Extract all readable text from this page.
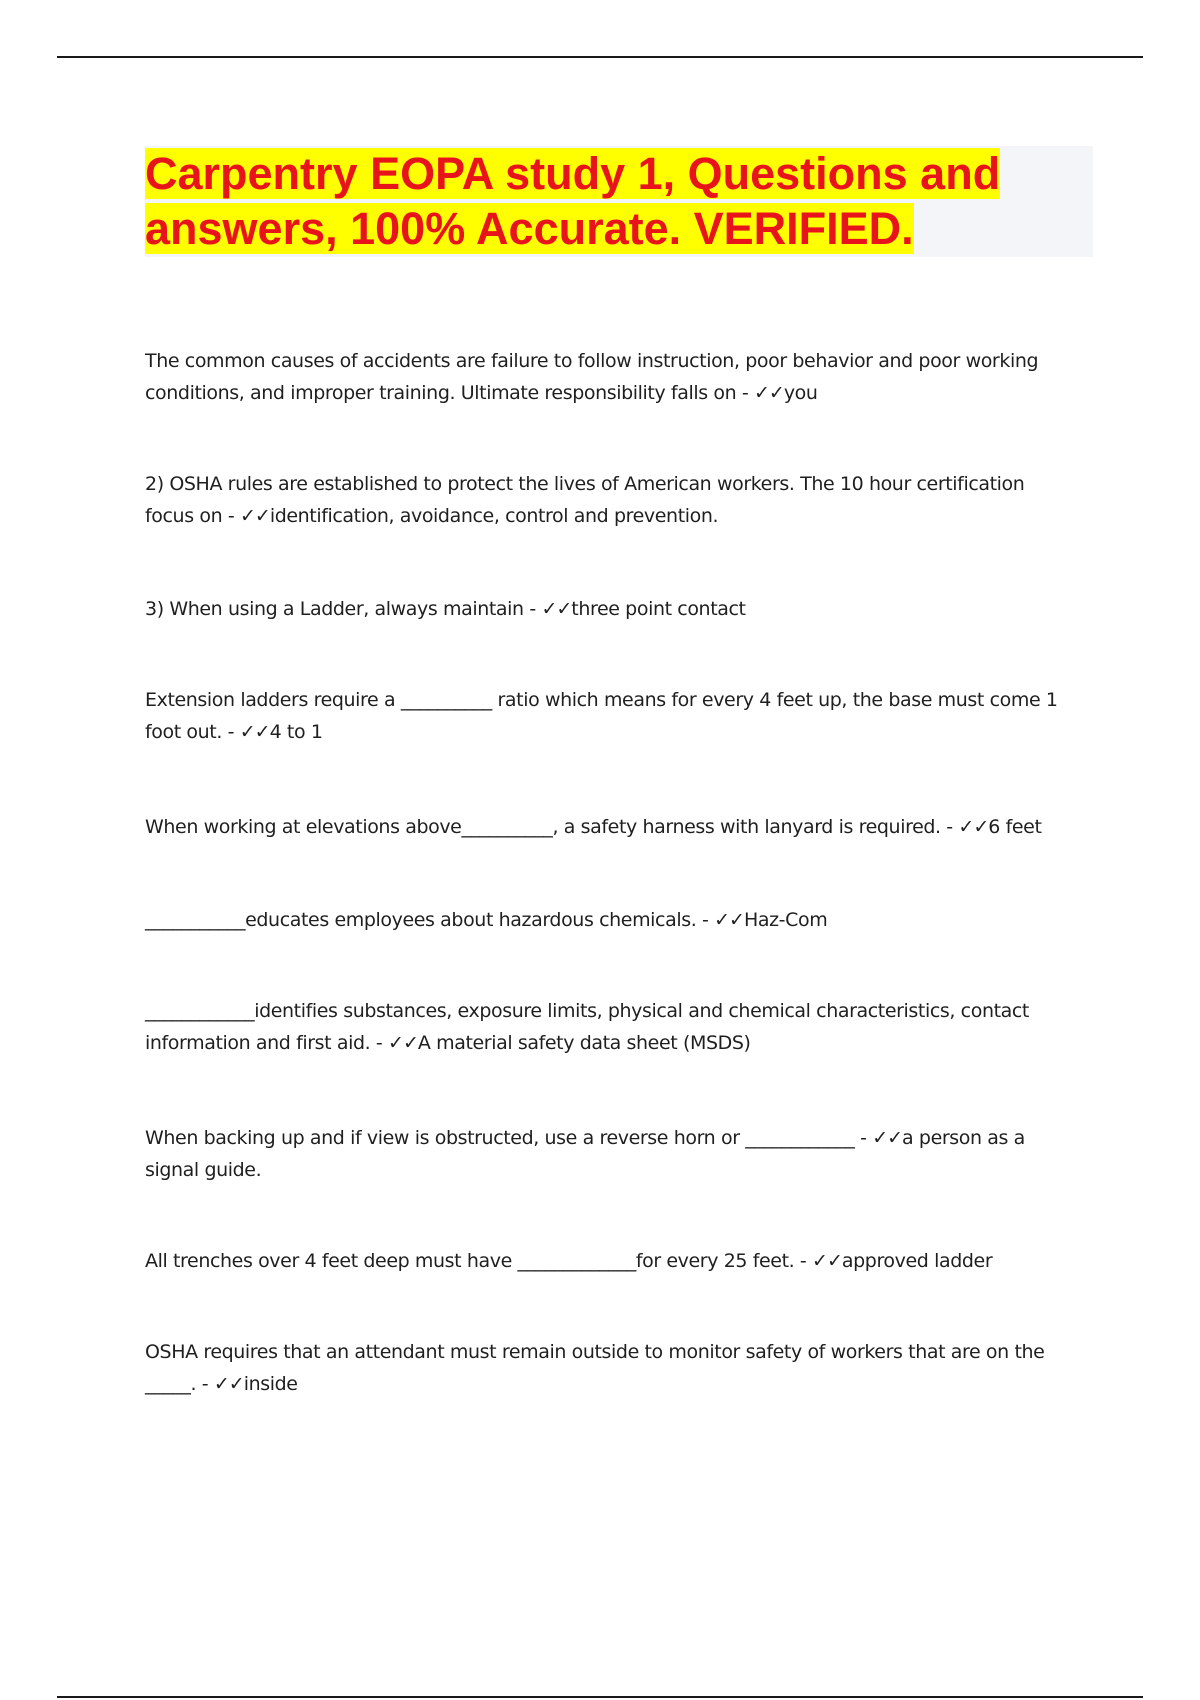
Carpentry EOPA study 1, Questions and answers, 100% Accurate. VERIFIED.

The common causes of accidents are failure to follow instruction, poor behavior and poor working conditions, and improper training. Ultimate responsibility falls on - ✓✓you

2) OSHA rules are established to protect the lives of American workers. The 10 hour certification focus on - ✓✓identification, avoidance, control and prevention.

3) When using a Ladder, always maintain - ✓✓three point contact

Extension ladders require a __________ ratio which means for every 4 feet up, the base must come 1 foot out. - ✓✓4 to 1

When working at elevations above__________, a safety harness with lanyard is required. - ✓✓6 feet

___________educates employees about hazardous chemicals. - ✓✓Haz-Com

____________identifies substances, exposure limits, physical and chemical characteristics, contact information and first aid. - ✓✓A material safety data sheet (MSDS)

When backing up and if view is obstructed, use a reverse horn or ____________ - ✓✓a person as a signal guide.

All trenches over 4 feet deep must have _____________for every 25 feet. - ✓✓approved ladder

OSHA requires that an attendant must remain outside to monitor safety of workers that are on the _____. - ✓✓inside
